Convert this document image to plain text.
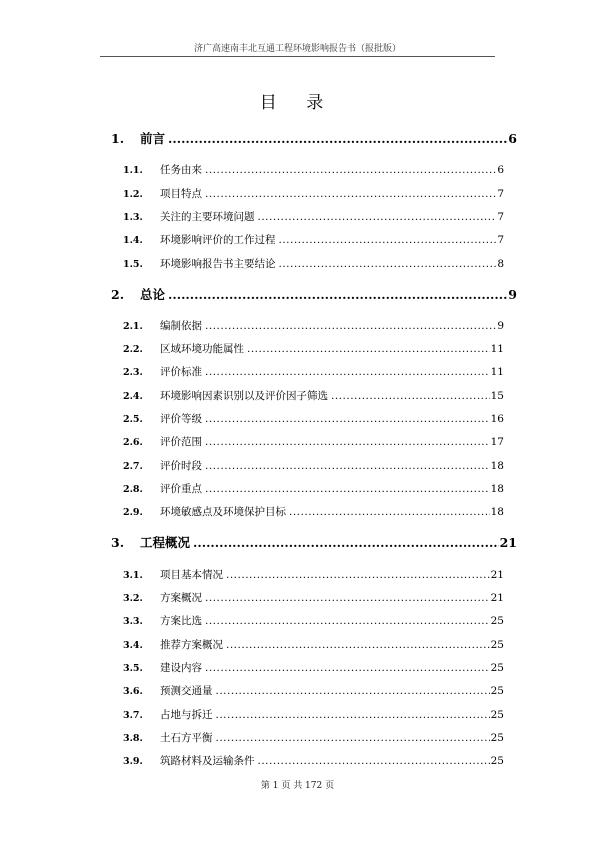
济广高速南丰北互通工程环境影响报告书（报批版）
目 录
1.	前言 .....	6
1.1.	任务由来 .....	6
1.2.	项目特点 .....	7
1.3.	关注的主要环境问题 .....	7
1.4.	环境影响评价的工作过程 .....	7
1.5.	环境影响报告书主要结论 .....	8
2.	总论 .....	9
2.1.	编制依据 .....	9
2.2.	区域环境功能属性 .....	11
2.3.	评价标准 .....	11
2.4.	环境影响因素识别以及评价因子筛选 .....	15
2.5.	评价等级 .....	16
2.6.	评价范围 .....	17
2.7.	评价时段 .....	18
2.8.	评价重点 .....	18
2.9.	环境敏感点及环境保护目标 .....	18
3.	工程概况 .....	21
3.1.	项目基本情况 .....	21
3.2.	方案概况 .....	21
3.3.	方案比选 .....	25
3.4.	推荐方案概况 .....	25
3.5.	建设内容 .....	25
3.6.	预测交通量 .....	25
3.7.	占地与拆迁 .....	25
3.8.	土石方平衡 .....	25
3.9.	筑路材料及运输条件 .....	25
第 1 页 共 172 页
